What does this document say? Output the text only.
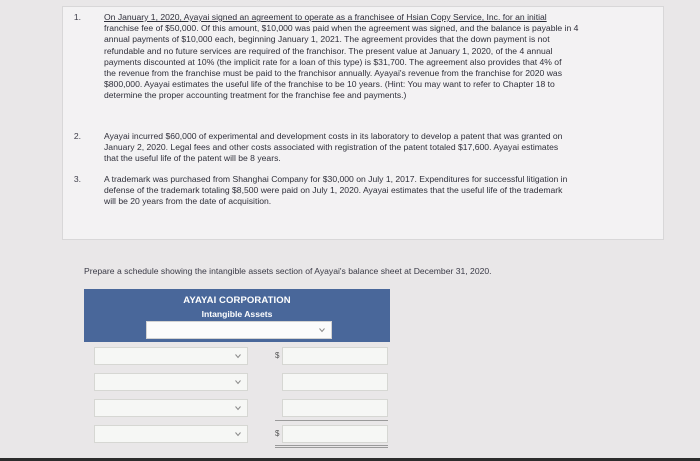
1.	On January 1, 2020, Ayayai signed an agreement to operate as a franchisee of Hsian Copy Service, Inc. for an initial
franchise fee of $50,000. Of this amount, $10,000 was paid when the agreement was signed, and the balance is payable in 4
annual payments of $10,000 each, beginning January 1, 2021. The agreement provides that the down payment is not
refundable and no future services are required of the franchisor. The present value at January 1, 2020, of the 4 annual
payments discounted at 10% (the implicit rate for a loan of this type) is $31,700. The agreement also provides that 4% of
the revenue from the franchise must be paid to the franchisor annually. Ayayai's revenue from the franchise for 2020 was
$800,000. Ayayai estimates the useful life of the franchise to be 10 years. (Hint: You may want to refer to Chapter 18 to
determine the proper accounting treatment for the franchise fee and payments.)
2.	Ayayai incurred $60,000 of experimental and development costs in its laboratory to develop a patent that was granted on
January 2, 2020. Legal fees and other costs associated with registration of the patent totaled $17,600. Ayayai estimates
that the useful life of the patent will be 8 years.
3.	A trademark was purchased from Shanghai Company for $30,000 on July 1, 2017. Expenditures for successful litigation in
defense of the trademark totaling $8,500 were paid on July 1, 2020. Ayayai estimates that the useful life of the trademark
will be 20 years from the date of acquisition.
Prepare a schedule showing the intangible assets section of Ayayai's balance sheet at December 31, 2020.
AYAYAI CORPORATION
Intangible Assets
$
$
